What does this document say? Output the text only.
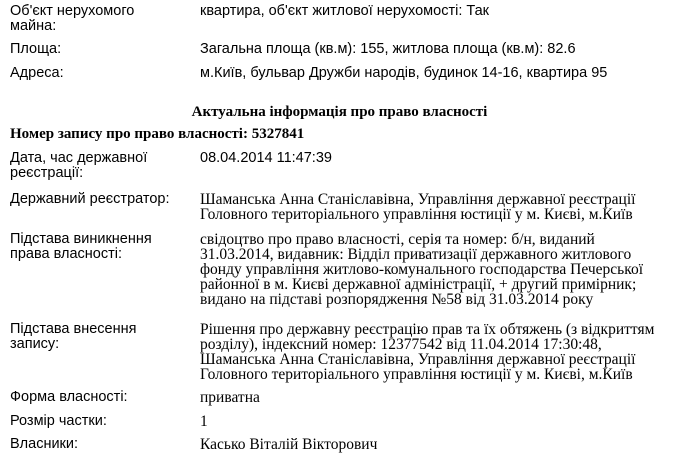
Об'єкт нерухомого
майна:
квартира, об'єкт житлової нерухомості: Так
Площа:	Загальна площа (кв.м): 155, житлова площа (кв.м): 82.6
Адреса:	м.Київ, бульвар Дружби народів, будинок 14-16, квартира 95
Актуальна інформація про право власності
Номер запису про право власності: 5327841
Дата, час державної
реєстрації:
08.04.2014 11:47:39
Державний реєстратор:	Шаманська Анна Станіславівна, Управління державної реєстрації
Головного територіального управління юстиції у м. Києві, м.Київ
Підстава виникнення
права власності:
свідоцтво про право власності, серія та номер: б/н, виданий
31.03.2014, видавник: Відділ приватизації державного житлового
фонду управління житлово-комунального господарства Печерської
районної в м. Києві державної адміністрації, + другий примірник;
видано на підставі розпорядження №58 від 31.03.2014 року
Підстава внесення
запису:
Рішення про державну реєстрацію прав та їх обтяжень (з відкриттям
розділу), індексний номер: 12377542 від 11.04.2014 17:30:48,
Шаманська Анна Станіславівна, Управління державної реєстрації
Головного територіального управління юстиції у м. Києві, м.Київ
Форма власності:	приватна
Розмір частки:	1
Власники:	Касько Віталій Вікторович
